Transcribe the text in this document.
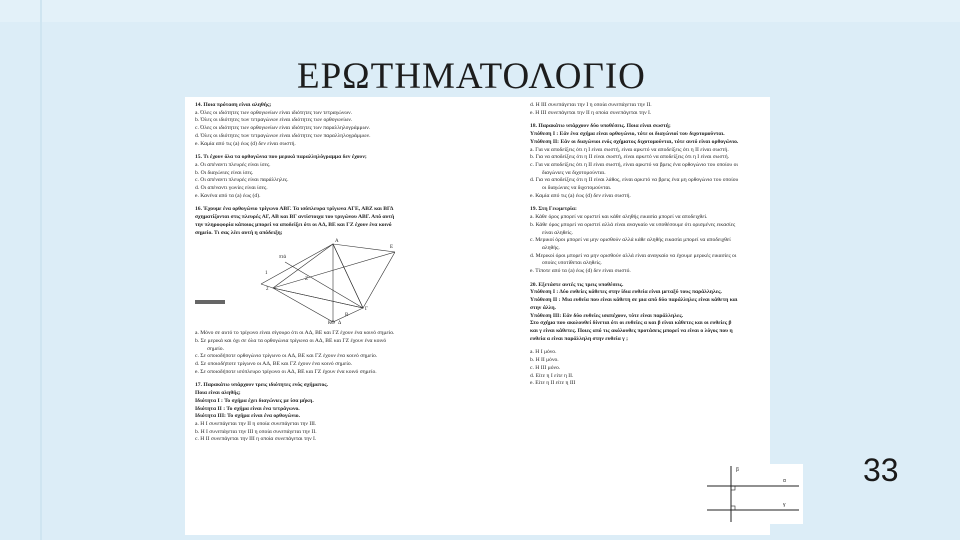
ΕΡΩΤΗΜΑΤΟΛΟΓΙΟ
14. Ποια πρόταση είναι αληθής;
a. Όλες οι ιδιότητες των ορθογωνίων είναι ιδιότητες των τετραγώνων.
b. Όλες οι ιδιότητες των τετραγώνων είναι ιδιότητες των ορθογωνίων.
c. Όλες οι ιδιότητες των ορθογωνίων είναι ιδιότητες των παραλληλογράμμων.
d. Όλες οι ιδιότητες των τετραγώνων είναι ιδιότητες των παραλληλογράμμων.
e. Καμία από τις (a) έως (d) δεν είναι σωστή.
15. Τι έχουν όλα τα ορθογώνια που μερικά παραλληλόγραμμα δεν έχουν;
a. Οι απέναντι πλευρές είναι ίσες.
b. Οι διαγώνιες είναι ίσες.
c. Οι απέναντι πλευρές είναι παράλληλες.
d. Οι απέναντι γωνίες είναι ίσες.
e. Κανένα από τα (a) έως (d).
16. Έχουμε ένα ορθογώνιο τρίγωνο ΑΒΓ. Τα ισόπλευρα τρίγωνα ΑΓΕ, ΑΒΖ και ΒΓΔ
σχηματίζονται στις πλευρές ΑΓ, ΑΒ και ΒΓ αντίστοιχα του τριγώνου ΑΒΓ. Από αυτή
την πληροφορία κάποιος μπορεί να αποδείξει ότι οι ΑΔ, ΒΕ και ΓΖ έχουν ένα κοινό
σημείο. Τι σας λέει αυτή η απόδειξη;
Α
πτά
Ε
Ζ
1
2
Γ
Β
ΚΘ Δ
a. Μόνο σε αυτό το τρίγωνο είναι σίγουρο ότι οι ΑΔ, ΒΕ και ΓΖ έχουν ένα κοινό σημείο.
b. Σε μερικά και όχι σε όλα τα ορθογώνια τρίγωνα οι ΑΔ, ΒΕ και ΓΖ έχουν ένα κοινό
σημείο.
c. Σε οποιοδήποτε ορθογώνιο τρίγωνο οι ΑΔ, ΒΕ και ΓΖ έχουν ένα κοινό σημείο.
d. Σε οποιοδήποτε τρίγωνο οι ΑΔ, ΒΕ και ΓΖ έχουν ένα κοινό σημείο.
e. Σε οποιοδήποτε ισόπλευρο τρίγωνο οι ΑΔ, ΒΕ και ΓΖ έχουν ένα κοινό σημείο.
17. Παρακάτω υπάρχουν τρεις ιδιότητες ενός σχήματος.
Ποια είναι αληθής;
Ιδιότητα Ι : Το σχήμα έχει διαγώνιες με ίσα μήκη.
Ιδιότητα ΙΙ : Το σχήμα είναι ένα τετράγωνο.
Ιδιότητα ΙΙΙ: Το σχήμα είναι ένα ορθογώνιο.
a. Η Ι συνεπάγεται την ΙΙ η οποία συνεπάγεται την ΙΙΙ.
b. Η Ι συνεπάγεται την ΙΙΙ η οποία συνεπάγεται την ΙΙ.
c. Η ΙΙ συνεπάγεται την ΙΙΙ η οποία συνεπάγεται την Ι.
d. Η ΙΙΙ συνεπάγεται την Ι η οποία συνεπάγεται την ΙΙ.
e. Η ΙΙΙ συνεπάγεται την ΙΙ η οποία συνεπάγεται την Ι.
18. Παρακάτω υπάρχουν δύο υποθέσεις. Ποια είναι σωστή;
Υπόθεση Ι : Εάν ένα σχήμα είναι ορθογώνιο, τότε οι διαγώνιοί του διχοτομούνται.
Υπόθεση ΙΙ: Εάν οι διαγώνιοι ενός σχήματος διχοτομούνται, τότε αυτό είναι ορθογώνιο.
a. Για να αποδείξεις ότι η Ι είναι σωστή, είναι αρκετό να αποδείξεις ότι η ΙΙ είναι σωστή.
b. Για να αποδείξεις ότι η ΙΙ είναι σωστή, είναι αρκετό να αποδείξεις ότι η Ι είναι σωστή.
c. Για να αποδείξεις ότι η ΙΙ είναι σωστή, είναι αρκετό να βρεις ένα ορθογώνιο του οποίου οι
διαγώνιες να διχοτομούνται.
d. Για να αποδείξεις ότι η ΙΙ είναι λάθος, είναι αρκετό να βρεις ένα μη ορθογώνιο του οποίου
οι διαγώνιες να διχοτομούνται.
e. Καμία από τις (a) έως (d) δεν είναι σωστή.
19. Στη Γεωμετρία:
a. Κάθε όρος μπορεί να οριστεί και κάθε αληθής εικασία μπορεί να αποδειχθεί.
b. Κάθε όρος μπορεί να οριστεί αλλά είναι αναγκαίο να υποθέσουμε ότι ορισμένες εικασίες
είναι αληθείς.
c. Μερικοί όροι μπορεί να μην ορισθούν αλλά κάθε αληθής εικασία μπορεί να αποδειχθεί
αληθής.
d. Μερικοί όροι μπορεί να μην ορισθούν αλλά είναι αναγκαίο να έχουμε μερικές εικασίες οι
οποίες υποτίθεται αληθείς.
e. Τίποτε από τα (a) έως (d) δεν είναι σωστό.
20. Εξετάστε αυτές τις τρεις υποθέσεις.
Υπόθεση Ι : Δύο ευθείες κάθετες στην ίδια ευθεία είναι μεταξύ τους παράλληλες.
Υπόθεση ΙΙ : Μια ευθεία που είναι κάθετη σε μια από δύο παράλληλες είναι κάθετη και
στην άλλη.
Υπόθεση ΙΙΙ: Εάν δύο ευθείες ισαπέχουν, τότε είναι παράλληλες.
Στο σχήμα που ακολουθεί δίνεται ότι οι ευθείες α και β είναι κάθετες και οι ευθείες β
και γ είναι κάθετες. Ποιες από τις ακόλουθες προτάσεις μπορεί να είναι ο λόγος που η
ευθεία α είναι παράλληλη στην ευθεία γ ;
a. Η Ι μόνο.
b. Η ΙΙ μόνο.
c. Η ΙΙΙ μόνο.
d. Είτε η Ι είτε η ΙΙ.
e. Είτε η ΙΙ είτε η ΙΙΙ
β
α
γ
33
